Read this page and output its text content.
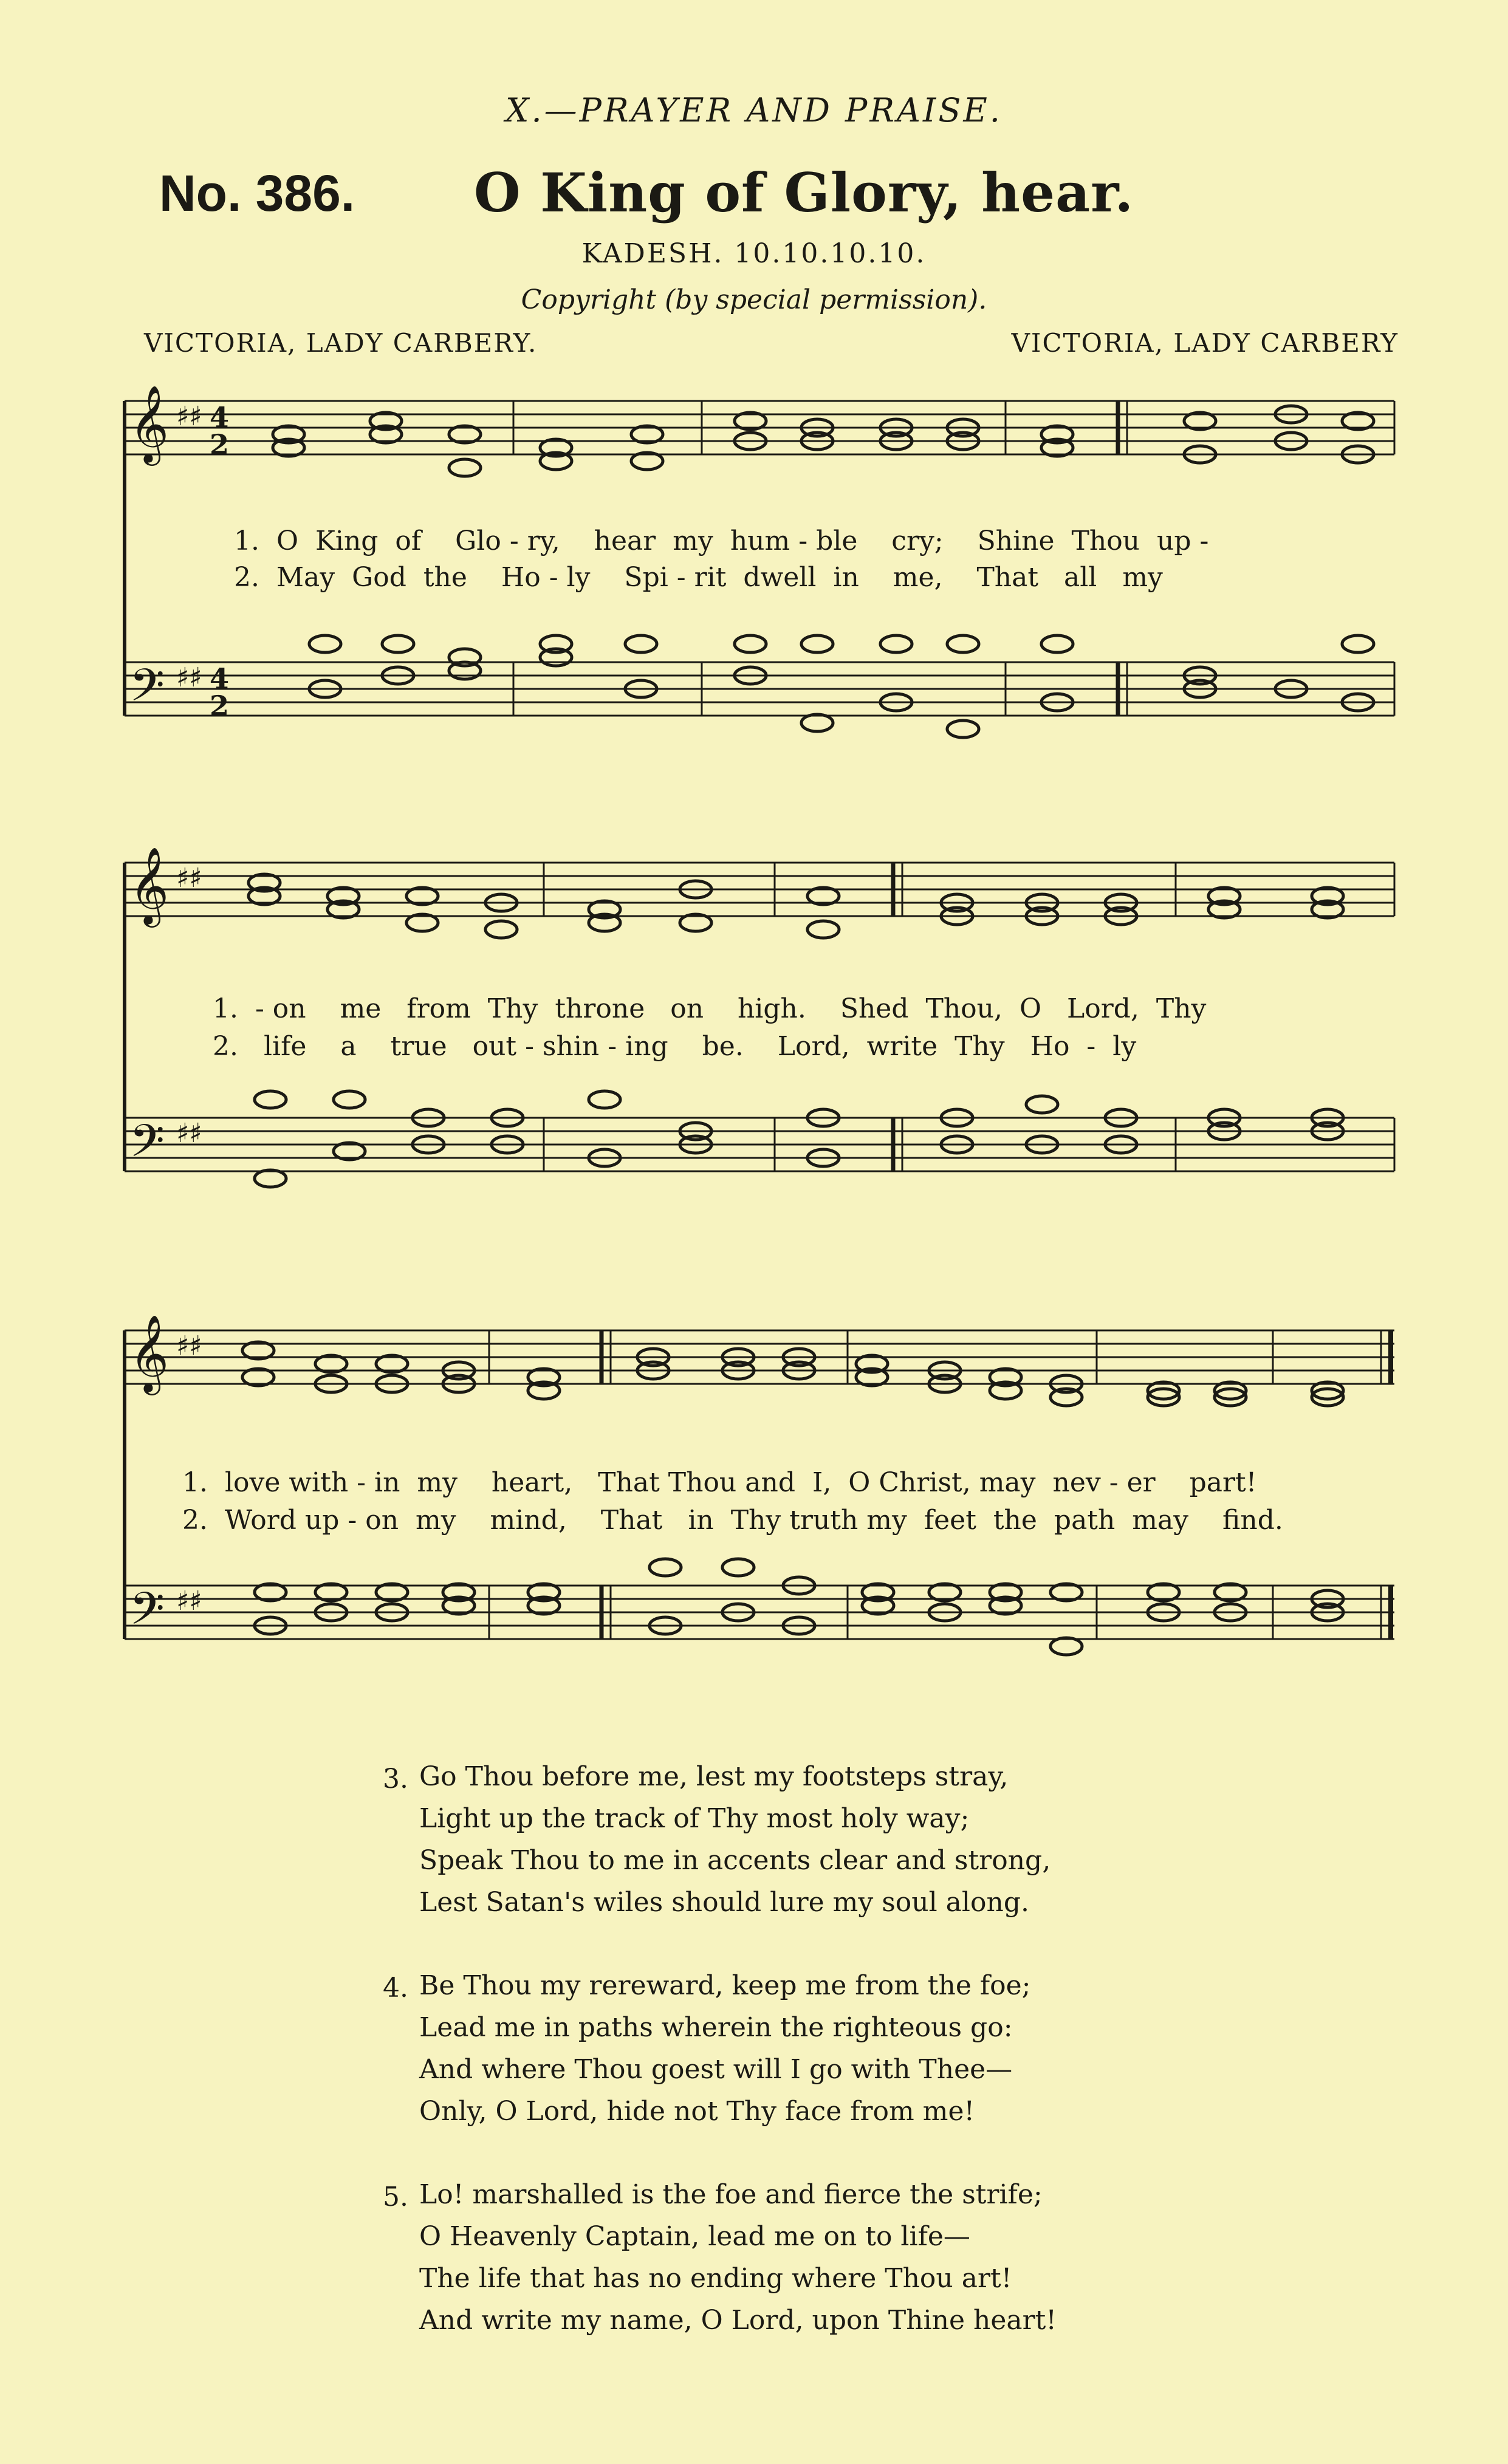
X.—PRAYER AND PRAISE.
No. 386. O King of Glory, hear.
KADESH. 10.10.10.10.
Copyright (by special permission).
VICTORIA, LADY CARBERY.	VICTORIA, LADY CARBERY
𝄞
𝄢
♯♯
♯♯
4
2
4
2
1.  O  King  of    Glo - ry,    hear  my  hum - ble    cry;    Shine  Thou  up -
2.  May  God  the    Ho - ly    Spi - rit  dwell  in    me,    That   all   my
𝄞
𝄢
♯♯
♯♯
1.  - on    me   from  Thy  throne   on    high.    Shed  Thou,  O   Lord,  Thy
2.   life    a    true   out - shin - ing    be.    Lord,  write  Thy   Ho  -  ly
𝄞
𝄢
♯♯
♯♯
1.  love with - in  my    heart,   That Thou and  I,  O Christ, may  nev - er    part!
2.  Word up - on  my    mind,    That   in  Thy truth my  feet  the  path  may    find.
3. Go Thou before me, lest my footsteps stray,
Light up the track of Thy most holy way;
Speak Thou to me in accents clear and strong,
Lest Satan's wiles should lure my soul along.
4. Be Thou my rereward, keep me from the foe;
Lead me in paths wherein the righteous go:
And where Thou goest will I go with Thee—
Only, O Lord, hide not Thy face from me!
5. Lo! marshalled is the foe and fierce the strife;
O Heavenly Captain, lead me on to life—
The life that has no ending where Thou art!
And write my name, O Lord, upon Thine heart!
